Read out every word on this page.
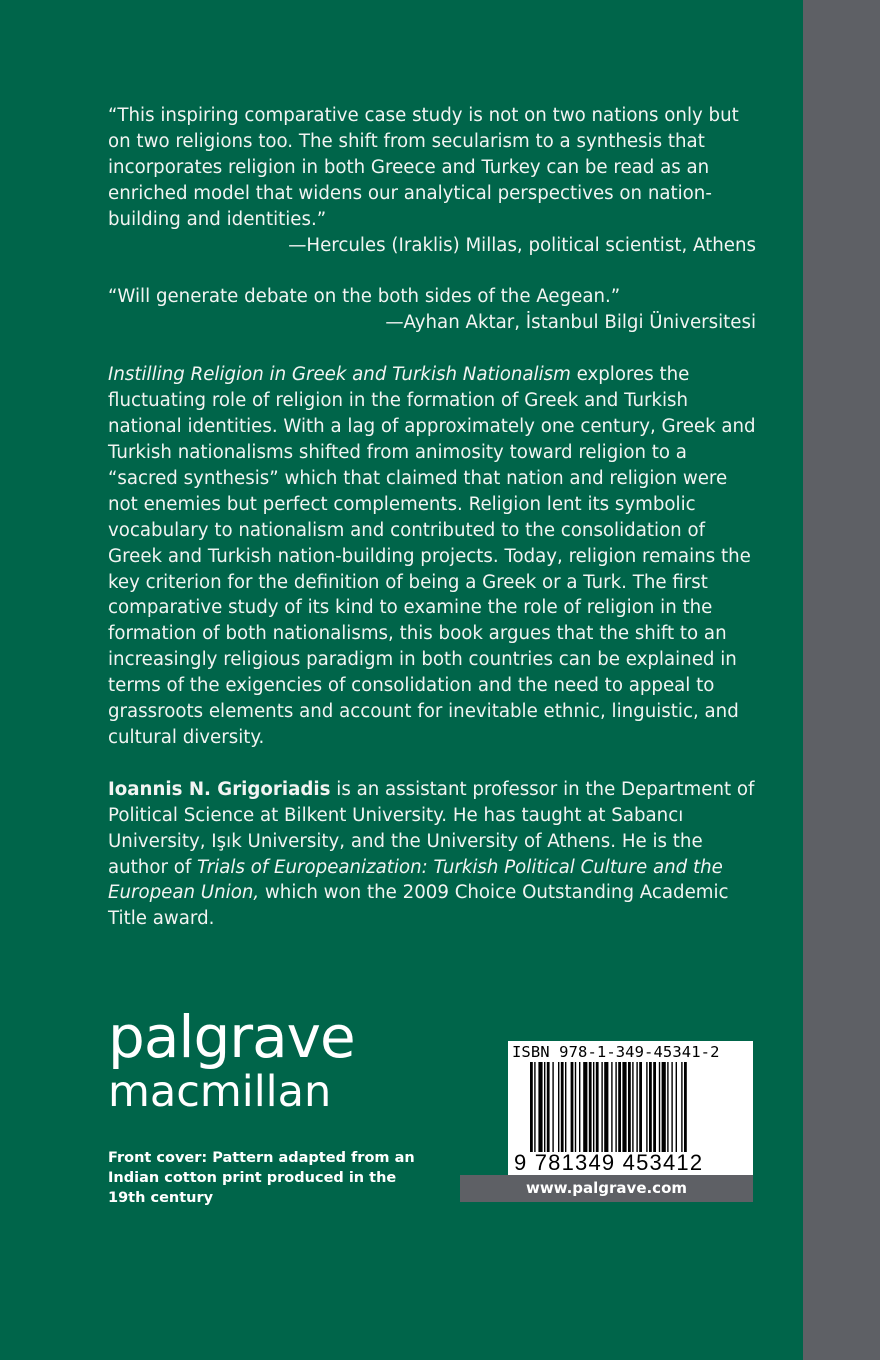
“This inspiring comparative case study is not on two nations only but on two religions too. The shift from secularism to a synthesis that incorporates religion in both Greece and Turkey can be read as an enriched model that widens our analytical perspectives on nation-building and identities.”

—Hercules (Iraklis) Millas, political scientist, Athens

“Will generate debate on the both sides of the Aegean.”

—Ayhan Aktar, İstanbul Bilgi Üniversitesi

Instilling Religion in Greek and Turkish Nationalism explores the fluctuating role of religion in the formation of Greek and Turkish national identities. With a lag of approximately one century, Greek and Turkish nationalisms shifted from animosity toward religion to a “sacred synthesis” which that claimed that nation and religion were not enemies but perfect complements. Religion lent its symbolic vocabulary to nationalism and contributed to the consolidation of Greek and Turkish nation-building projects. Today, religion remains the key criterion for the definition of being a Greek or a Turk. The first comparative study of its kind to examine the role of religion in the formation of both nationalisms, this book argues that the shift to an increasingly religious paradigm in both countries can be explained in terms of the exigencies of consolidation and the need to appeal to grassroots elements and account for inevitable ethnic, linguistic, and cultural diversity.

Ioannis N. Grigoriadis is an assistant professor in the Department of Political Science at Bilkent University. He has taught at Sabancı University, Işık University, and the University of Athens. He is the author of Trials of Europeanization: Turkish Political Culture and the European Union, which won the 2009 Choice Outstanding Academic Title award.

palgrave
macmillan
Front cover: Pattern adapted from an Indian cotton print produced in the 19th century
ISBN 978-1-349-45341-2
9 781349 453412
www.palgrave.com
